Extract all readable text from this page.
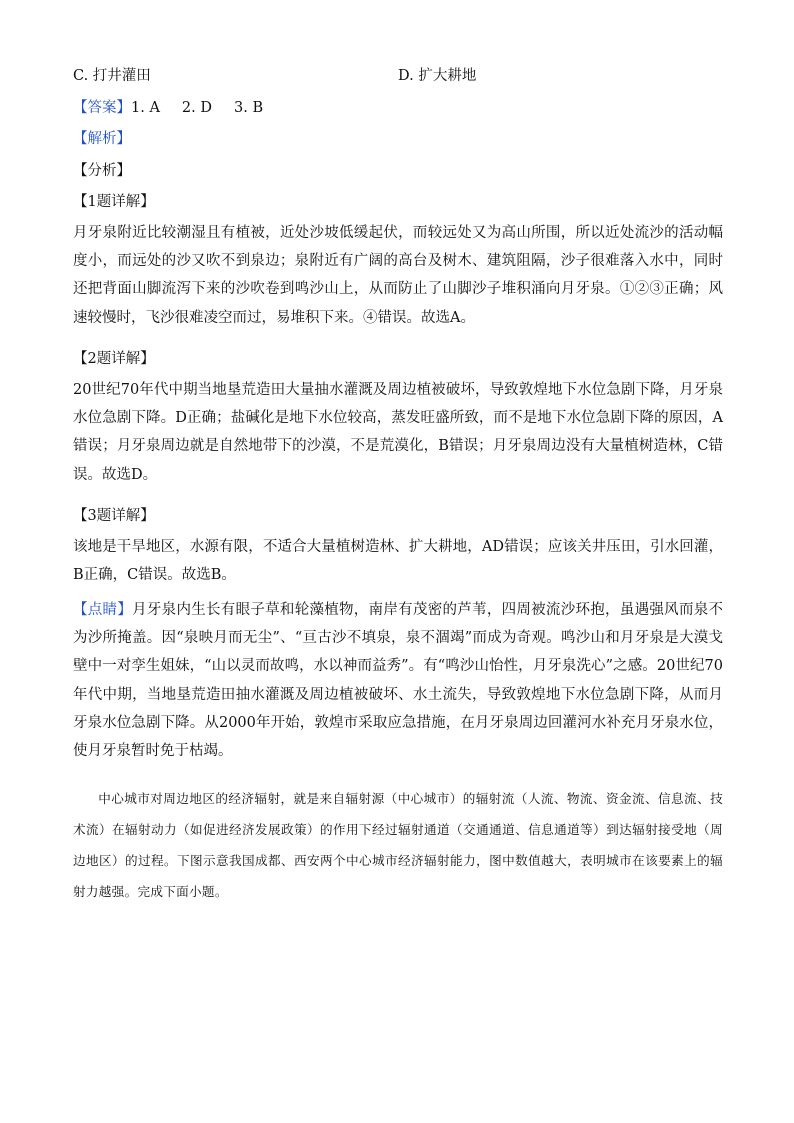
C. 打井灌田	D. 扩大耕地
【答案】1. A 2. D 3. B
【解析】
【分析】
【1题详解】
月牙泉附近比较潮湿且有植被，近处沙坡低缓起伏，而较远处又为高山所围，所以近处流沙的活动幅度小，而远处的沙又吹不到泉边；泉附近有广阔的高台及树木、建筑阻隔，沙子很难落入水中，同时还把背面山脚流泻下来的沙吹卷到鸣沙山上，从而防止了山脚沙子堆积涌向月牙泉。①②③正确；风速较慢时，飞沙很难凌空而过，易堆积下来。④错误。故选A。
【2题详解】
20世纪70年代中期当地垦荒造田大量抽水灌溉及周边植被破坏，导致敦煌地下水位急剧下降，月牙泉水位急剧下降。D正确；盐碱化是地下水位较高，蒸发旺盛所致，而不是地下水位急剧下降的原因，A错误；月牙泉周边就是自然地带下的沙漠，不是荒漠化，B错误；月牙泉周边没有大量植树造林，C错误。故选D。
【3题详解】
该地是干旱地区，水源有限，不适合大量植树造林、扩大耕地，AD错误；应该关井压田，引水回灌，B正确，C错误。故选B。
【点睛】月牙泉内生长有眼子草和轮藻植物，南岸有茂密的芦苇，四周被流沙环抱，虽遇强风而泉不为沙所掩盖。因“泉映月而无尘”、“亘古沙不填泉，泉不涸竭”而成为奇观。鸣沙山和月牙泉是大漠戈壁中一对孪生姐妹，“山以灵而故鸣，水以神而益秀”。有“鸣沙山怡性，月牙泉洗心”之感。20世纪70年代中期，当地垦荒造田抽水灌溉及周边植被破坏、水土流失，导致敦煌地下水位急剧下降，从而月牙泉水位急剧下降。从2000年开始，敦煌市采取应急措施，在月牙泉周边回灌河水补充月牙泉水位，使月牙泉暂时免于枯竭。
中心城市对周边地区的经济辐射，就是来自辐射源（中心城市）的辐射流（人流、物流、资金流、信息流、技术流）在辐射动力（如促进经济发展政策）的作用下经过辐射通道（交通通道、信息通道等）到达辐射接受地（周边地区）的过程。下图示意我国成都、西安两个中心城市经济辐射能力，图中数值越大，表明城市在该要素上的辐射力越强。完成下面小题。
